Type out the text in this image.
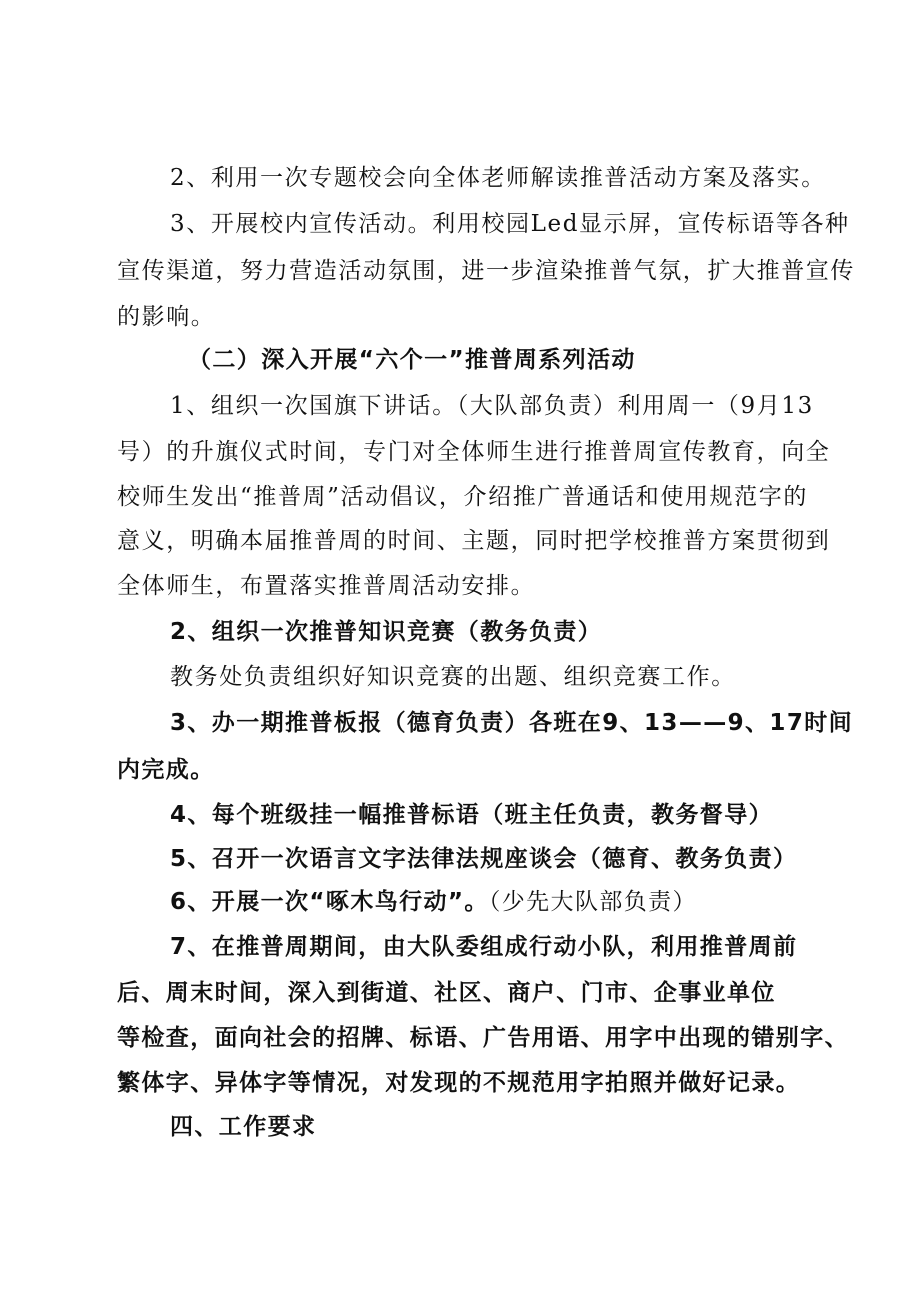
2、利用一次专题校会向全体老师解读推普活动方案及落实。
3、开展校内宣传活动。利用校园Led显示屏，宣传标语等各种
宣传渠道，努力营造活动氛围，进一步渲染推普气氛，扩大推普宣传
的影响。
（二）深入开展“六个一”推普周系列活动
1、组织一次国旗下讲话。（大队部负责）利用周一（9月13
号）的升旗仪式时间，专门对全体师生进行推普周宣传教育，向全
校师生发出“推普周”活动倡议，介绍推广普通话和使用规范字的
意义，明确本届推普周的时间、主题，同时把学校推普方案贯彻到
全体师生，布置落实推普周活动安排。
2、组织一次推普知识竞赛（教务负责）
教务处负责组织好知识竞赛的出题、组织竞赛工作。
3、办一期推普板报（德育负责）各班在9、13——9、17时间
内完成。
4、每个班级挂一幅推普标语（班主任负责，教务督导）
5、召开一次语言文字法律法规座谈会（德育、教务负责）
6、开展一次“啄木鸟行动”。（少先大队部负责）
7、在推普周期间，由大队委组成行动小队，利用推普周前
后、周末时间，深入到街道、社区、商户、门市、企事业单位
等检查，面向社会的招牌、标语、广告用语、用字中出现的错别字、
繁体字、异体字等情况，对发现的不规范用字拍照并做好记录。
四、工作要求
